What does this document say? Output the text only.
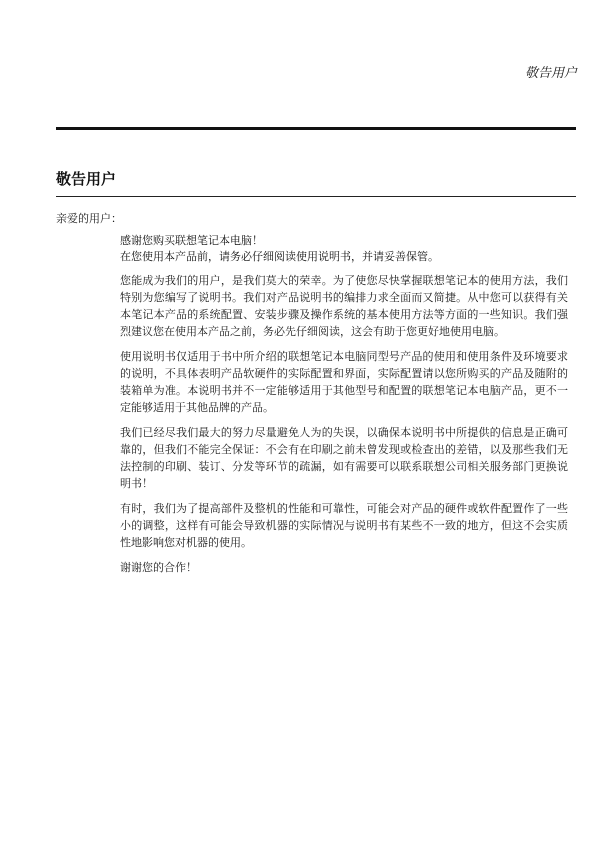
敬告用户
敬告用户
亲爱的用户：
感谢您购买联想笔记本电脑！
在您使用本产品前，请务必仔细阅读使用说明书，并请妥善保管。

您能成为我们的用户，是我们莫大的荣幸。为了使您尽快掌握联想笔记本的使用方法，我们特别为您编写了说明书。我们对产品说明书的编排力求全面而又简捷。从中您可以获得有关本笔记本产品的系统配置、安装步骤及操作系统的基本使用方法等方面的一些知识。我们强烈建议您在使用本产品之前，务必先仔细阅读，这会有助于您更好地使用电脑。

使用说明书仅适用于书中所介绍的联想笔记本电脑同型号产品的使用和使用条件及环境要求的说明，不具体表明产品软硬件的实际配置和界面，实际配置请以您所购买的产品及随附的装箱单为准。本说明书并不一定能够适用于其他型号和配置的联想笔记本电脑产品，更不一定能够适用于其他品牌的产品。

我们已经尽我们最大的努力尽量避免人为的失误，以确保本说明书中所提供的信息是正确可靠的，但我们不能完全保证：不会有在印刷之前未曾发现或检查出的差错，以及那些我们无法控制的印刷、装订、分发等环节的疏漏，如有需要可以联系联想公司相关服务部门更换说明书！

有时，我们为了提高部件及整机的性能和可靠性，可能会对产品的硬件或软件配置作了一些小的调整，这样有可能会导致机器的实际情况与说明书有某些不一致的地方，但这不会实质性地影响您对机器的使用。

谢谢您的合作！
